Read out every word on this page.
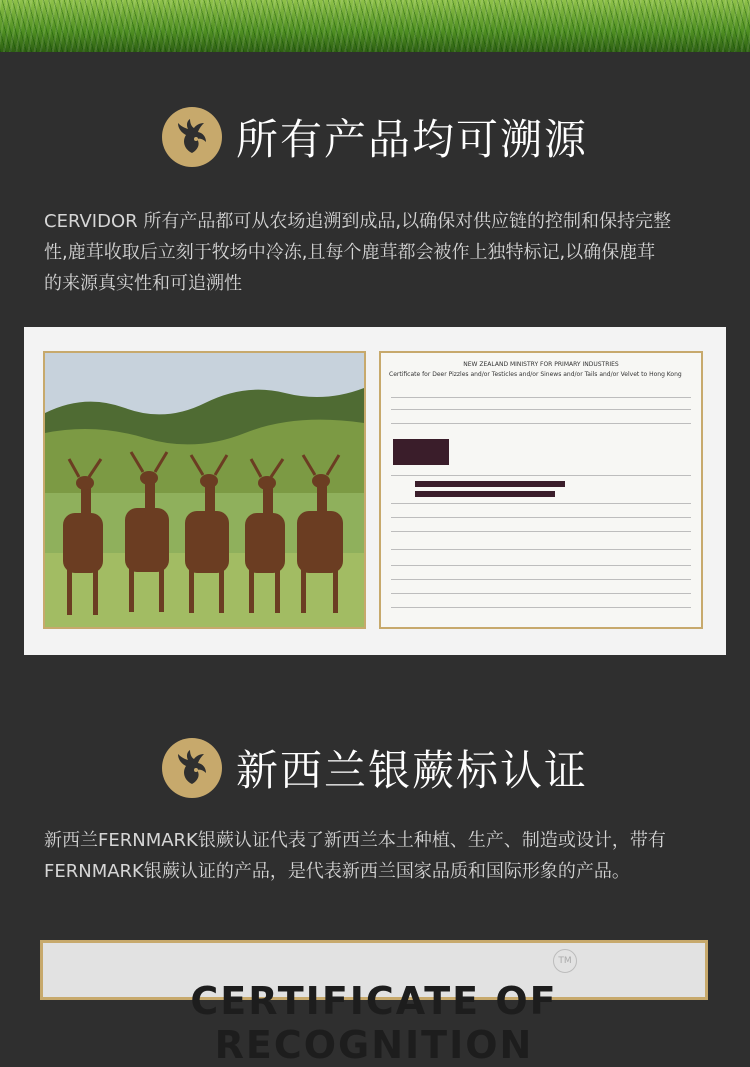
所有产品均可溯源

CERVIDOR 所有产品都可从农场追溯到成品,以确保对供应链的控制和保持完整
性,鹿茸收取后立刻于牧场中冷冻,且每个鹿茸都会被作上独特标记,以确保鹿茸
的来源真实性和可追溯性

NEW ZEALAND MINISTRY FOR PRIMARY INDUSTRIES
Certificate for Deer Pizzles and/or Testicles and/or Sinews and/or Tails and/or Velvet to Hong Kong
新西兰银蕨标认证

新西兰FERNMARK银蕨认证代表了新西兰本土种植、生产、制造或设计，带有
FERNMARK银蕨认证的产品，是代表新西兰国家品质和国际形象的产品。

TM
CERTIFICATE OF RECOGNITION
